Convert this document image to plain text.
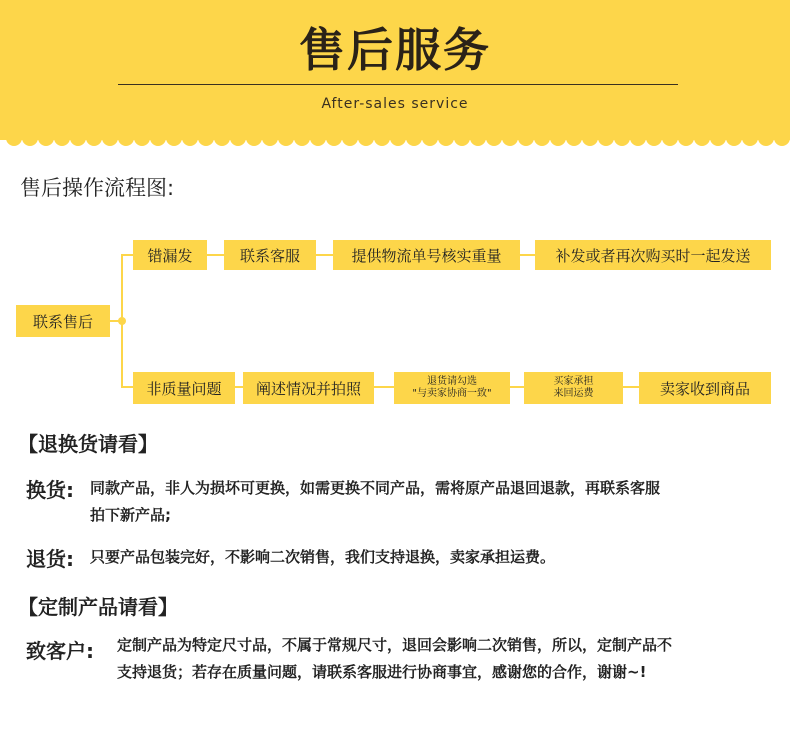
售后服务
After-sales service
售后操作流程图:
联系售后
错漏发	联系客服	提供物流单号核实重量	补发或者再次购买时一起发送
非质量问题 阐述情况并拍照	退货请勾选
"与卖家协商一致"
买家承担
来回运费	卖家收到商品
【退换货请看】
换货: 同款产品，非人为损坏可更换，如需更换不同产品，需将原产品退回退款，再联系客服
拍下新产品;
退货: 只要产品包装完好，不影响二次销售，我们支持退换，卖家承担运费。
【定制产品请看】
致客户: 定制产品为特定尺寸品，不属于常规尺寸，退回会影响二次销售，所以，定制产品不
支持退货；若存在质量问题，请联系客服进行协商事宜，感谢您的合作，谢谢~!
